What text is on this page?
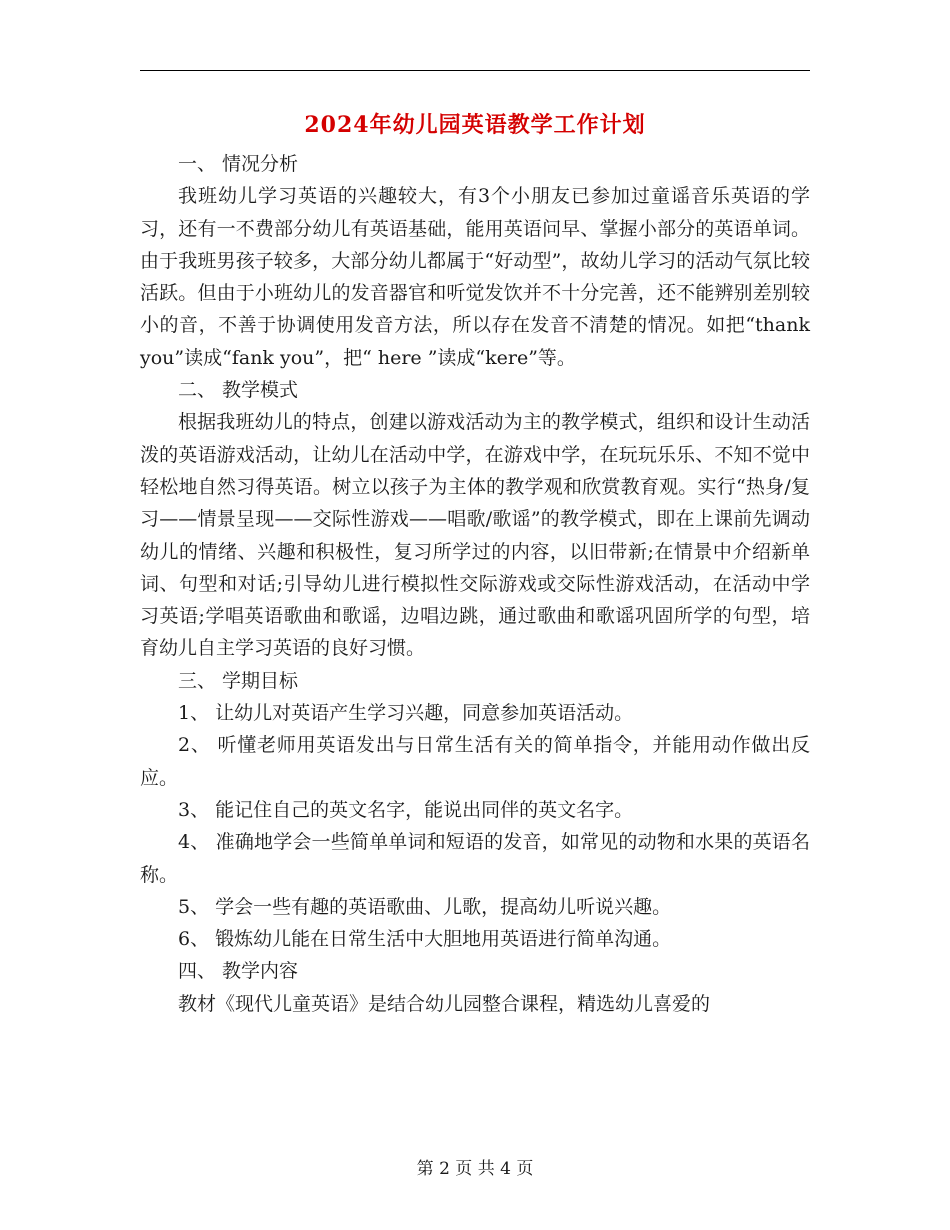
2024年幼儿园英语教学工作计划

一、 情况分析

我班幼儿学习英语的兴趣较大，有3个小朋友已参加过童谣音乐英语的学习，还有一不费部分幼儿有英语基础，能用英语问早、掌握小部分的英语单词。由于我班男孩子较多，大部分幼儿都属于“好动型”，故幼儿学习的活动气氛比较活跃。但由于小班幼儿的发音器官和听觉发饮并不十分完善，还不能辨别差别较小的音，不善于协调使用发音方法，所以存在发音不清楚的情况。如把“thank you”读成“fank you”，把“ here ”读成“kere”等。

二、 教学模式

根据我班幼儿的特点，创建以游戏活动为主的教学模式，组织和设计生动活泼的英语游戏活动，让幼儿在活动中学，在游戏中学，在玩玩乐乐、不知不觉中轻松地自然习得英语。树立以孩子为主体的教学观和欣赏教育观。实行“热身/复习——情景呈现——交际性游戏——唱歌/歌谣”的教学模式，即在上课前先调动幼儿的情绪、兴趣和积极性，复习所学过的内容，以旧带新;在情景中介绍新单词、句型和对话;引导幼儿进行模拟性交际游戏或交际性游戏活动，在活动中学习英语;学唱英语歌曲和歌谣，边唱边跳，通过歌曲和歌谣巩固所学的句型，培育幼儿自主学习英语的良好习惯。

三、 学期目标

1、 让幼儿对英语产生学习兴趣，同意参加英语活动。

2、 听懂老师用英语发出与日常生活有关的简单指令，并能用动作做出反应。

3、 能记住自己的英文名字，能说出同伴的英文名字。

4、 准确地学会一些简单单词和短语的发音，如常见的动物和水果的英语名称。

5、 学会一些有趣的英语歌曲、儿歌，提高幼儿听说兴趣。

6、 锻炼幼儿能在日常生活中大胆地用英语进行简单沟通。

四、 教学内容

教材《现代儿童英语》是结合幼儿园整合课程，精选幼儿喜爱的

第 2 页 共 4 页
